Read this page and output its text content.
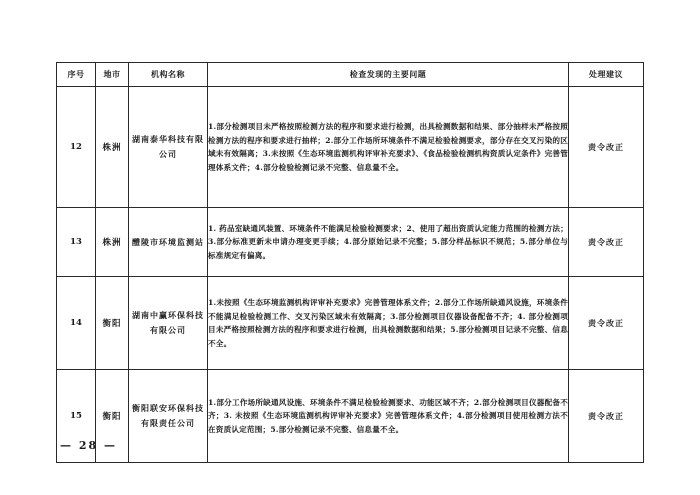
序号	地市	机构名称	检查发现的主要问题	处理建议
12	株洲	湖南泰华科技有限公司	1.部分检测项目未严格按照检测方法的程序和要求进行检测，出具检测数据和结果、部分抽样未严格按照检测方法的程序和要求进行抽样；2.部分工作场所环境条件不满足检验检测要求，部分存在交叉污染的区域未有效隔离；3.未按照《生态环境监测机构评审补充要求》、《食品检验检测机构资质认定条件》完善管理体系文件；4.部分检验检测记录不完整、信息量不全。	责令改正
13	株洲	醴陵市环境监测站	1. 药品室缺通风装置、环境条件不能满足检验检测要求；2、使用了超出资质认定能力范围的检测方法；3.部分标准更新未申请办理变更手续；4.部分原始记录不完整；5.部分样品标识不规范；5.部分单位与标准规定有偏离。	责令改正
14	衡阳	湖南中赢环保科技有限公司	1.未按照《生态环境监测机构评审补充要求》完善管理体系文件；2.部分工作场所缺通风设施，环境条件不能满足检验检测工作、交叉污染区域未有效隔离；3.部分检测项目仪器设备配备不齐；4. 部分检测项目未严格按照检测方法的程序和要求进行检测，出具检测数据和结果；5.部分检测项目记录不完整、信息不全。	责令改正
15	衡阳	衡阳联安环保科技有限责任公司	1.部分工作场所缺通风设施、环境条件不满足检验检测要求、功能区域不齐；2.部分检测项目仪器配备不齐；3. 未按照《生态环境监测机构评审补充要求》完善管理体系文件；4.部分检测项目使用检测方法不在资质认定范围；5.部分检测记录不完整、信息量不全。	责令改正
— 28 —
